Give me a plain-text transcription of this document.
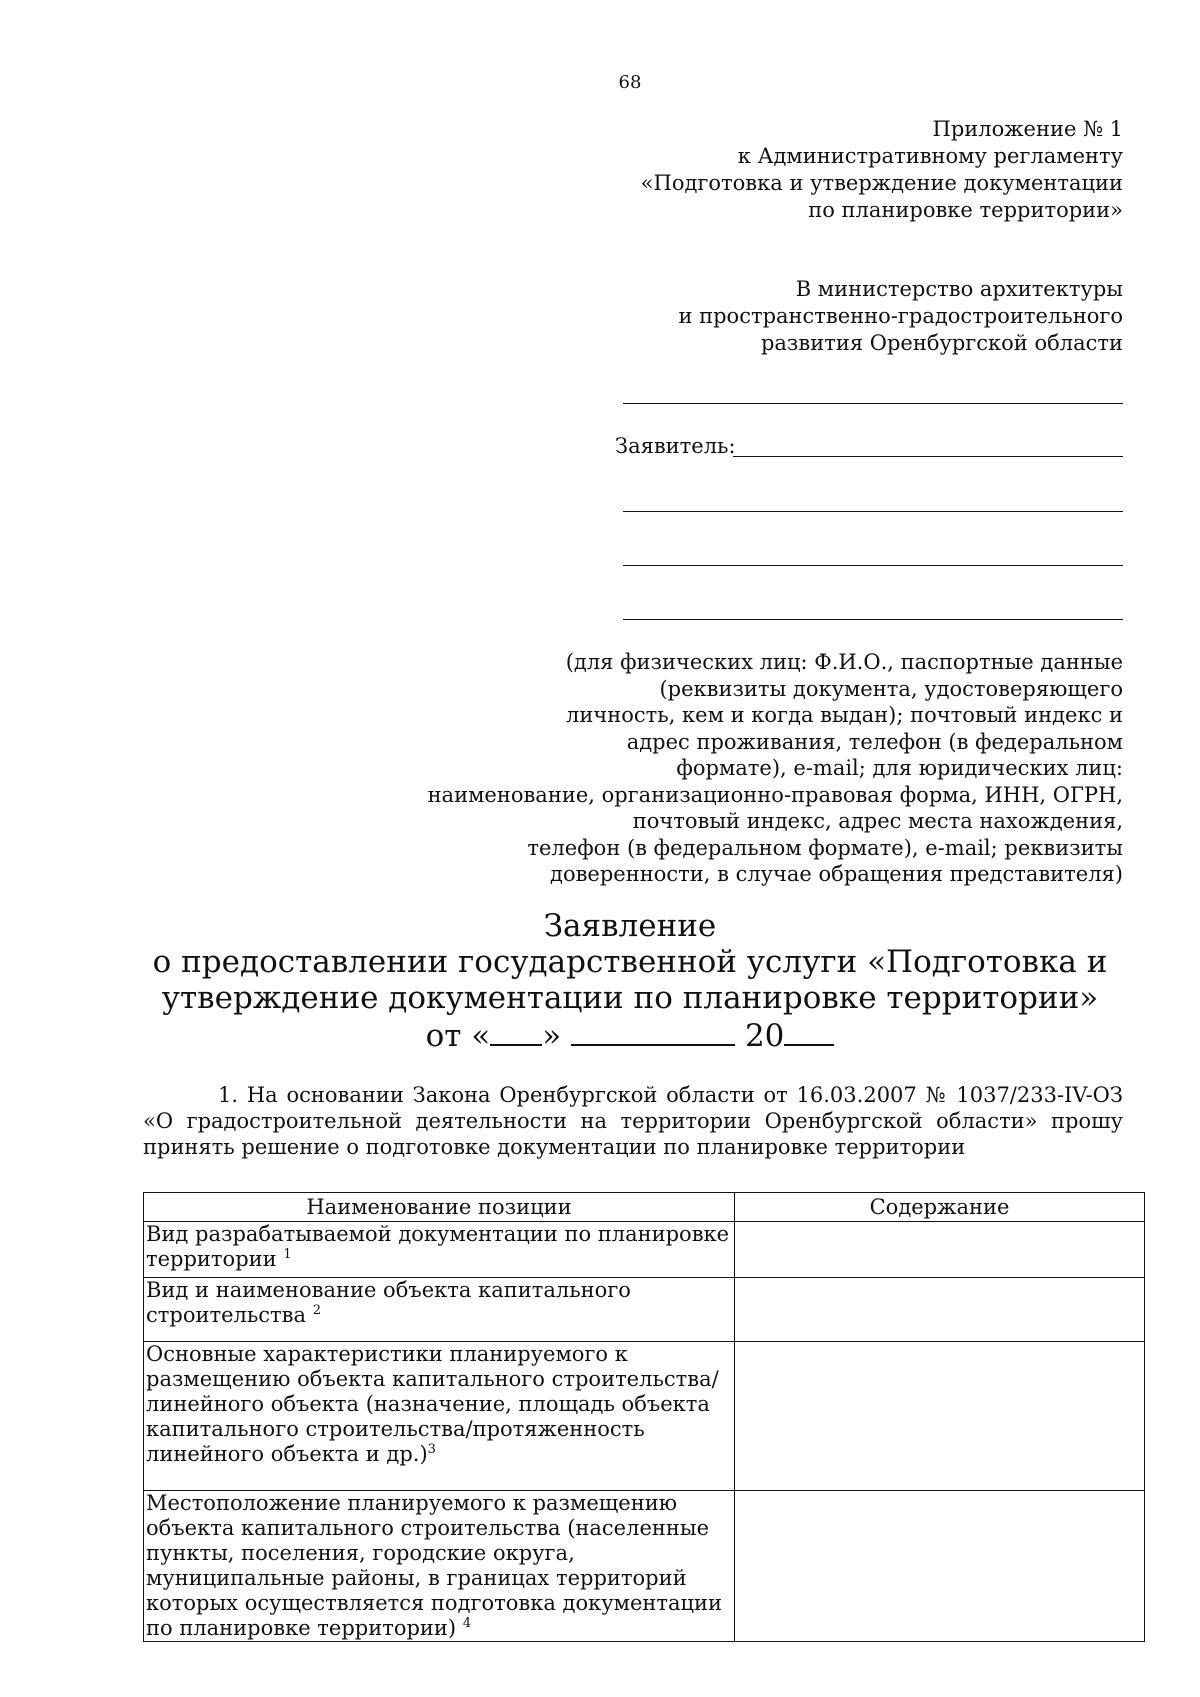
68
Приложение № 1
к Административному регламенту
«Подготовка и утверждение документации
по планировке территории»
В министерство архитектуры
и пространственно-градостроительного
развития Оренбургской области
Заявитель:
(для физических лиц: Ф.И.О., паспортные данные
(реквизиты документа, удостоверяющего
личность, кем и когда выдан); почтовый индекс и
адрес проживания, телефон (в федеральном
формате), e-mail; для юридических лиц:
наименование, организационно-правовая форма, ИНН, ОГРН,
почтовый индекс, адрес места нахождения,
телефон (в федеральном формате), e-mail; реквизиты
доверенности, в случае обращения представителя)
Заявление
о предоставлении государственной услуги «Подготовка и
утверждение документации по планировке территории»
от « »	20
1. На основании Закона Оренбургской области от 16.03.2007 № 1037/233-IV-ОЗ «О градостроительной деятельности на территории Оренбургской области» прошу принять решение о подготовке документации по планировке территории
Наименование позиции	Содержание
Вид разрабатываемой документации по планировке территории $^1$	
Вид и наименование объекта капитального строительства $^2$	
Основные характеристики планируемого к размещению объекта капитального строительства/линейного объекта (назначение, площадь объекта капитального строительства/протяженность линейного объекта и др.)$^3$	
Местоположение планируемого к размещению объекта капитального строительства (населенные пункты, поселения, городские округа, муниципальные районы, в границах территорий которых осуществляется подготовка документации по планировке территории) $^4$	
